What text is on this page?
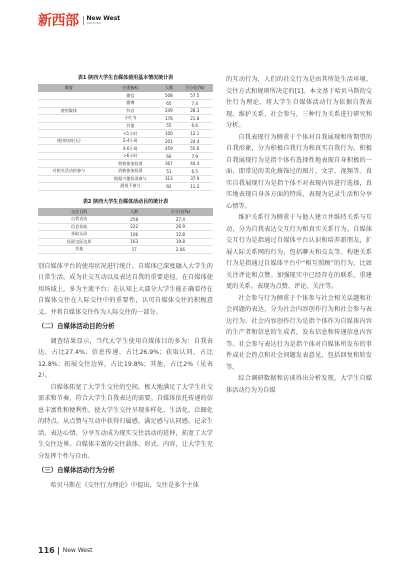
新西部 New West
XIN XI BU
表1 陕西大学生自媒体使用基本情况统计表
维度	分类指标	人数	百分比(%)
	微信	508	57.5
	微博	65	7.4
使用媒体	抖音	249	28.3
	小红书	178	21.8
	其他	55	6.6
	<1小时	100	12.1
使用时间(天)	2-4小时	201	24.4
	4-6小时	459	55.6
	>6小时	66	7.9
	积极参加投票	367	44.4
对相关活动的参与	消极参加投票	51	6.5
	根据兴趣投票参与	313	37.9
	漠视不参与	92	11.2
表2 陕西大学生自媒体活动目的统计表
交往目的	人数	百分比(%)
自我表达	258	27.4
信息获取	222	26.9
获取认同	106	12.8
拓展交际边界	163	19.8
其他	17	2.06

别自媒体平台的使用状况进行统计。自媒体已深度融入大学生的日常生活。成为社交互动以及表达自我的重要途径。在自媒体使用场域上，多为主流平台；在认知上大部分大学生能正确看待在自媒体交往在人际交往中的重要性，认可自媒体交往的积极意义。并将自媒体交往作为人际交往的一部分。

（二）自媒体活动目的分析

调查结果显示，当代大学生使用自媒体目的多为：自我表达，占比27.4%；信息传递，占比26.9%；获取认同，占比12.8%；拓展交往边界，占比19.8%；其他，占比2%（见表2）。

自媒体拓宽了大学生交往的空间，极大地满足了大学生社交需求和节奏，符合大学生自我表达的需要。自媒体依托传递的信息丰富性和便利性，使大学生交往呈现多样化、生活化、泛圈化的特点。从点赞与互动中获得归属感，满足感与认同感。记录生活、表达心情、分享互动成为现实交往活动的延伸，拓宽了大学生交往边界。自媒体丰富的交往载体、形式、内容，让大学生充分发挥个性与自由。

（三）自媒体活动行为分析

哈贝马斯在《交往行为理论》中提出，交往是多个主体

的互动行为，人们的社交行为是由其所处生活环境、交往方式和规则所决定的[1]。本文基于哈贝马斯的交往行为理论，将大学生自媒体活动行为依据自我表现、维护关系、社会参与，三种行为关系进行研究和分析。

自我表现行为侧重于个体对自我展现和所期望的自我形象，分为积极自我行为和真实自我行为。积极自我展现行为是指个体有选择性地表现自身积极的一面，即常见的美化修饰过的图片、文字、视频等。真实自我展现行为是指个体不对表现内容进行选择，真实地表现自身各方面的特质，表现为记录生活和分享心情等。

维护关系行为侧重于与他人建立并维持关系与互动，分为自我表达交互行为和真实关系行为。自媒体交互行为是指通过自媒体平台认识和培养新朋友，扩展人际关系网的行为，包括聊天和交友等。构建关系行为是指通过自媒体平台中“相互照顾”的行为，比如关注评论和点赞。加强现实中已经存在的联系，重建更的关系。表现为点赞、评论、关注等。

社会参与行为侧重于个体参与社会相关话题和社会问题的表达，分为社会内容创作行为和社会参与表达行为。社会内容创作行为是指个体作为自媒体内容的生产者和信息的生成者，发布信息和传递信息内容等。社会参与表达行为是指个体对自媒体所发布的事件或社会热点和社会问题发表意见，包括回复和转发等。

综合调研数据和访谈得出分析发现，大学生自媒体活动行为为自媒

116 New West
